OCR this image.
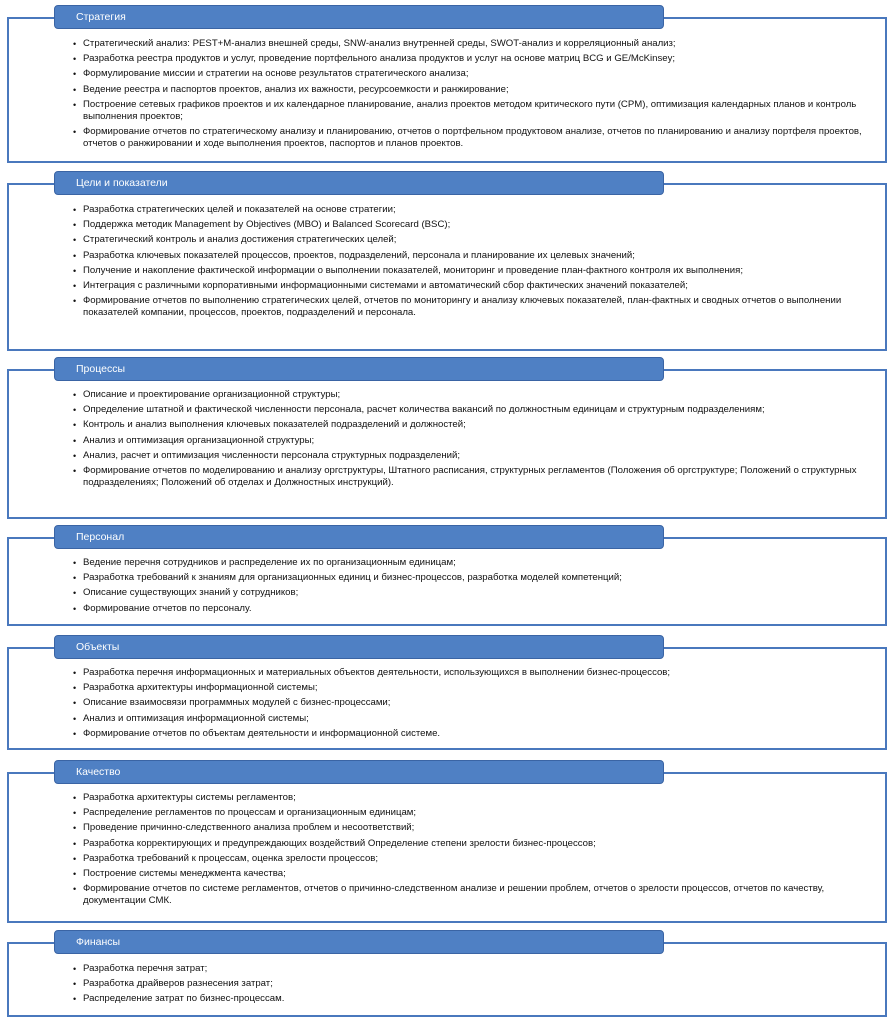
Стратегия
• Стратегический анализ: PEST+M-анализ внешней среды, SNW-анализ внутренней среды, SWOT-анализ и корреляционный анализ;
• Разработка реестра продуктов и услуг, проведение портфельного анализа продуктов и услуг на основе матриц BCG и GE/McKinsey;
• Формулирование миссии и стратегии на основе результатов стратегического анализа;
• Ведение реестра и паспортов проектов, анализ их важности, ресурсоемкости и ранжирование;
• Построение сетевых графиков проектов и их календарное планирование, анализ проектов методом критического пути (CPM), оптимизация календарных планов и контроль выполнения проектов;
• Формирование отчетов по стратегическому анализу и планированию, отчетов о портфельном продуктовом анализе, отчетов по планированию и анализу портфеля проектов, отчетов о ранжировании и ходе выполнения проектов, паспортов и планов проектов.
Цели и показатели
• Разработка стратегических целей и показателей на основе стратегии;
• Поддержка методик Management by Objectives (MBO) и Balanced Scorecard (BSC);
• Стратегический контроль и анализ достижения стратегических целей;
• Разработка ключевых показателей процессов, проектов, подразделений, персонала и планирование их целевых значений;
• Получение и накопление фактической информации о выполнении показателей, мониторинг и проведение план-фактного контроля их выполнения;
• Интеграция с различными корпоративными информационными системами и автоматический сбор фактических значений показателей;
• Формирование отчетов по выполнению стратегических целей, отчетов по мониторингу и анализу ключевых показателей, план-фактных и сводных отчетов о выполнении показателей компании, процессов, проектов, подразделений и персонала.
Процессы
• Описание и проектирование организационной структуры;
• Определение штатной и фактической численности персонала, расчет количества вакансий по должностным единицам и структурным подразделениям;
• Контроль и анализ выполнения ключевых показателей подразделений и должностей;
• Анализ и оптимизация организационной структуры;
• Анализ, расчет и оптимизация численности персонала структурных подразделений;
• Формирование отчетов по моделированию и анализу оргструктуры, Штатного расписания, структурных регламентов (Положения об оргструктуре; Положений о структурных подразделениях; Положений об отделах и Должностных инструкций).
Персонал
• Ведение перечня сотрудников и распределение их по организационным единицам;
• Разработка требований к знаниям для организационных единиц и бизнес-процессов, разработка моделей компетенций;
• Описание существующих знаний у сотрудников;
• Формирование отчетов по персоналу.
Объекты
• Разработка перечня информационных и материальных объектов деятельности, использующихся в выполнении бизнес-процессов;
• Разработка архитектуры информационной системы;
• Описание взаимосвязи программных модулей с бизнес-процессами;
• Анализ и оптимизация информационной системы;
• Формирование отчетов по объектам деятельности и информационной системе.
Качество
• Разработка архитектуры системы регламентов;
• Распределение регламентов по процессам и организационным единицам;
• Проведение причинно-следственного анализа проблем и несоответствий;
• Разработка корректирующих и предупреждающих воздействий Определение степени зрелости бизнес-процессов;
• Разработка требований к процессам, оценка зрелости процессов;
• Построение системы менеджмента качества;
• Формирование отчетов по системе регламентов, отчетов о причинно-следственном анализе и решении проблем, отчетов о зрелости процессов, отчетов по качеству, документации СМК.
Финансы
• Разработка перечня затрат;
• Разработка драйверов разнесения затрат;
• Распределение затрат по бизнес-процессам.
